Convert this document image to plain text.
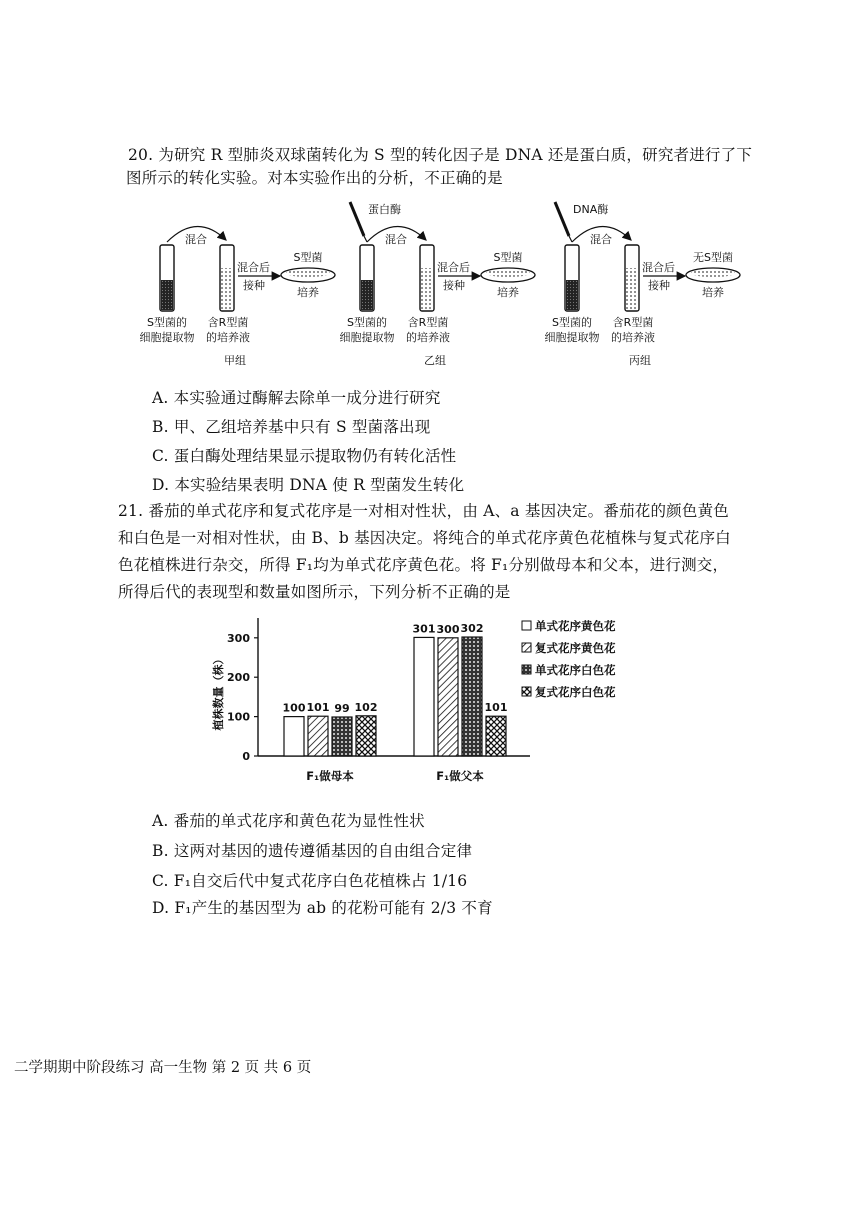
20. 为研究 R 型肺炎双球菌转化为 S 型的转化因子是 DNA 还是蛋白质，研究者进行了下
图所示的转化实验。对本实验作出的分析，不正确的是
混合
混合后
接种
S型菌
培养
S型菌的
细胞提取物
含R型菌
的培养液
甲组
混合
蛋白酶
混合后
接种
S型菌
培养
S型菌的
细胞提取物
含R型菌
的培养液
乙组
混合
DNA酶
混合后
接种
无S型菌
培养
S型菌的
细胞提取物
含R型菌
的培养液
丙组
A. 本实验通过酶解去除单一成分进行研究
B. 甲、乙组培养基中只有 S 型菌落出现
C. 蛋白酶处理结果显示提取物仍有转化活性
D. 本实验结果表明 DNA 使 R 型菌发生转化
21. 番茄的单式花序和复式花序是一对相对性状，由 A、a 基因决定。番茄花的颜色黄色
和白色是一对相对性状，由 B、b 基因决定。将纯合的单式花序黄色花植株与复式花序白
色花植株进行杂交，所得 F₁均为单式花序黄色花。将 F₁分别做母本和父本，进行测交，
所得后代的表现型和数量如图所示，下列分析不正确的是
0
100
200
300
植株数量（株）	100 101 99 102
F₁做母本
301 300 302
101
F₁做父本
单式花序黄色花
复式花序黄色花
单式花序白色花
复式花序白色花
A. 番茄的单式花序和黄色花为显性性状
B. 这两对基因的遗传遵循基因的自由组合定律
C. F₁自交后代中复式花序白色花植株占 1/16
D. F₁产生的基因型为 ab 的花粉可能有 2/3 不育
二学期期中阶段练习 高一生物 第 2 页 共 6 页
